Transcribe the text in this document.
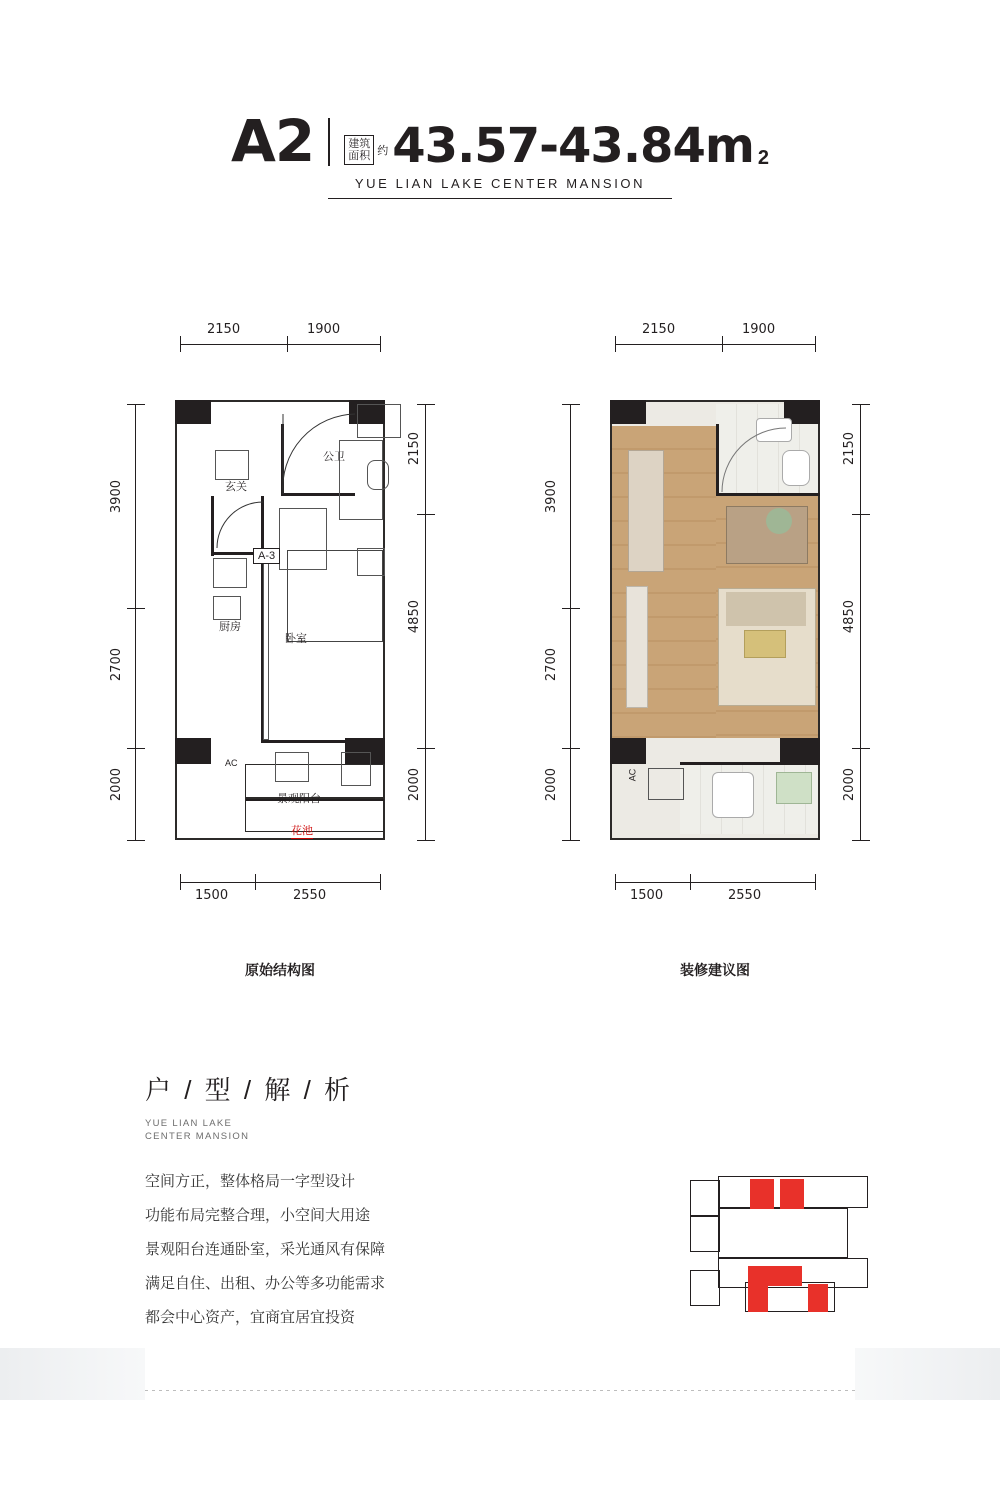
A2	建筑
面积 约 43.57-43.84m 2
YUE LIAN LAKE CENTER MANSION
2150	1900
3900
2700
2000
2150
4850
2000
1500	2550
玄关
公卫
厨房
卧室
景观阳台
花池
A-3
AC
原始结构图
2150	1900
3900
2700
2000
2150
4850
2000
1500	2550
AC
装修建议图
户 / 型 / 解 / 析
YUE LIAN LAKE
CENTER MANSION
空间方正，整体格局一字型设计
功能布局完整合理，小空间大用途
景观阳台连通卧室，采光通风有保障
满足自住、出租、办公等多功能需求
都会中心资产，宜商宜居宜投资
